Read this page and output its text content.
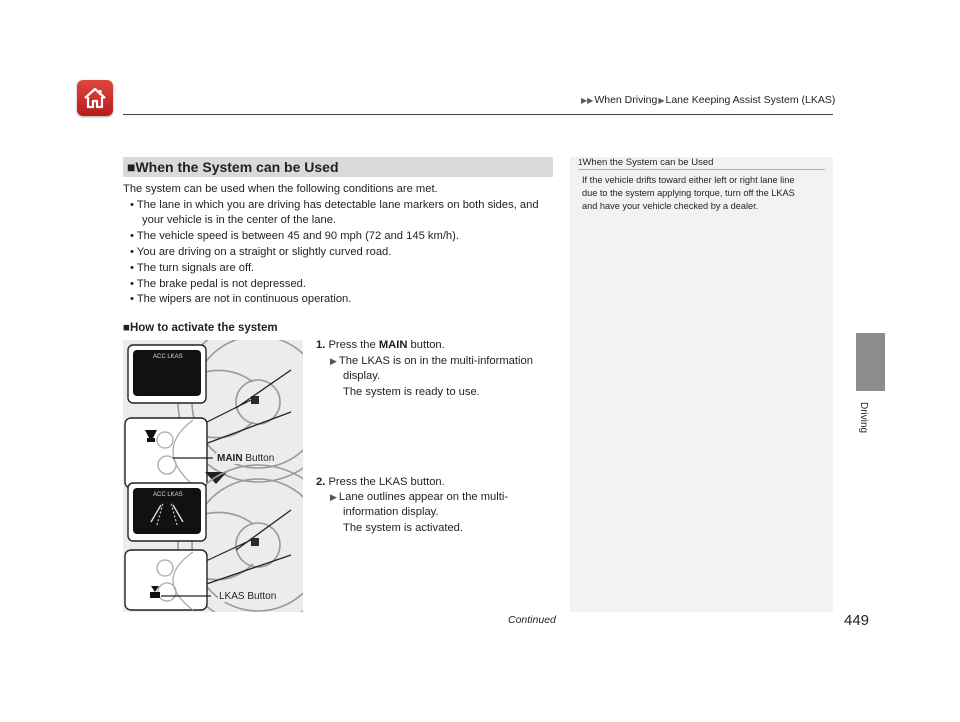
▶▶When Driving▶Lane Keeping Assist System (LKAS)
Driving
■When the System can be Used
The system can be used when the following conditions are met.
• The lane in which you are driving has detectable lane markers on both sides, and
your vehicle is in the center of the lane.
• The vehicle speed is between 45 and 90 mph (72 and 145 km/h).
• You are driving on a straight or slightly curved road.
• The turn signals are off.
• The brake pedal is not depressed.
• The wipers are not in continuous operation.
■How to activate the system
ACC LKAS
ACC LKAS
MAIN Button
LKAS Button
1. Press the MAIN button.
▶ The LKAS is on in the multi-information
display.
The system is ready to use.
2. Press the LKAS button.
▶ Lane outlines appear on the multi-
information display.
The system is activated.
1When the System can be Used
If the vehicle drifts toward either left or right lane line
due to the system applying torque, turn off the LKAS
and have your vehicle checked by a dealer.
Continued	449
